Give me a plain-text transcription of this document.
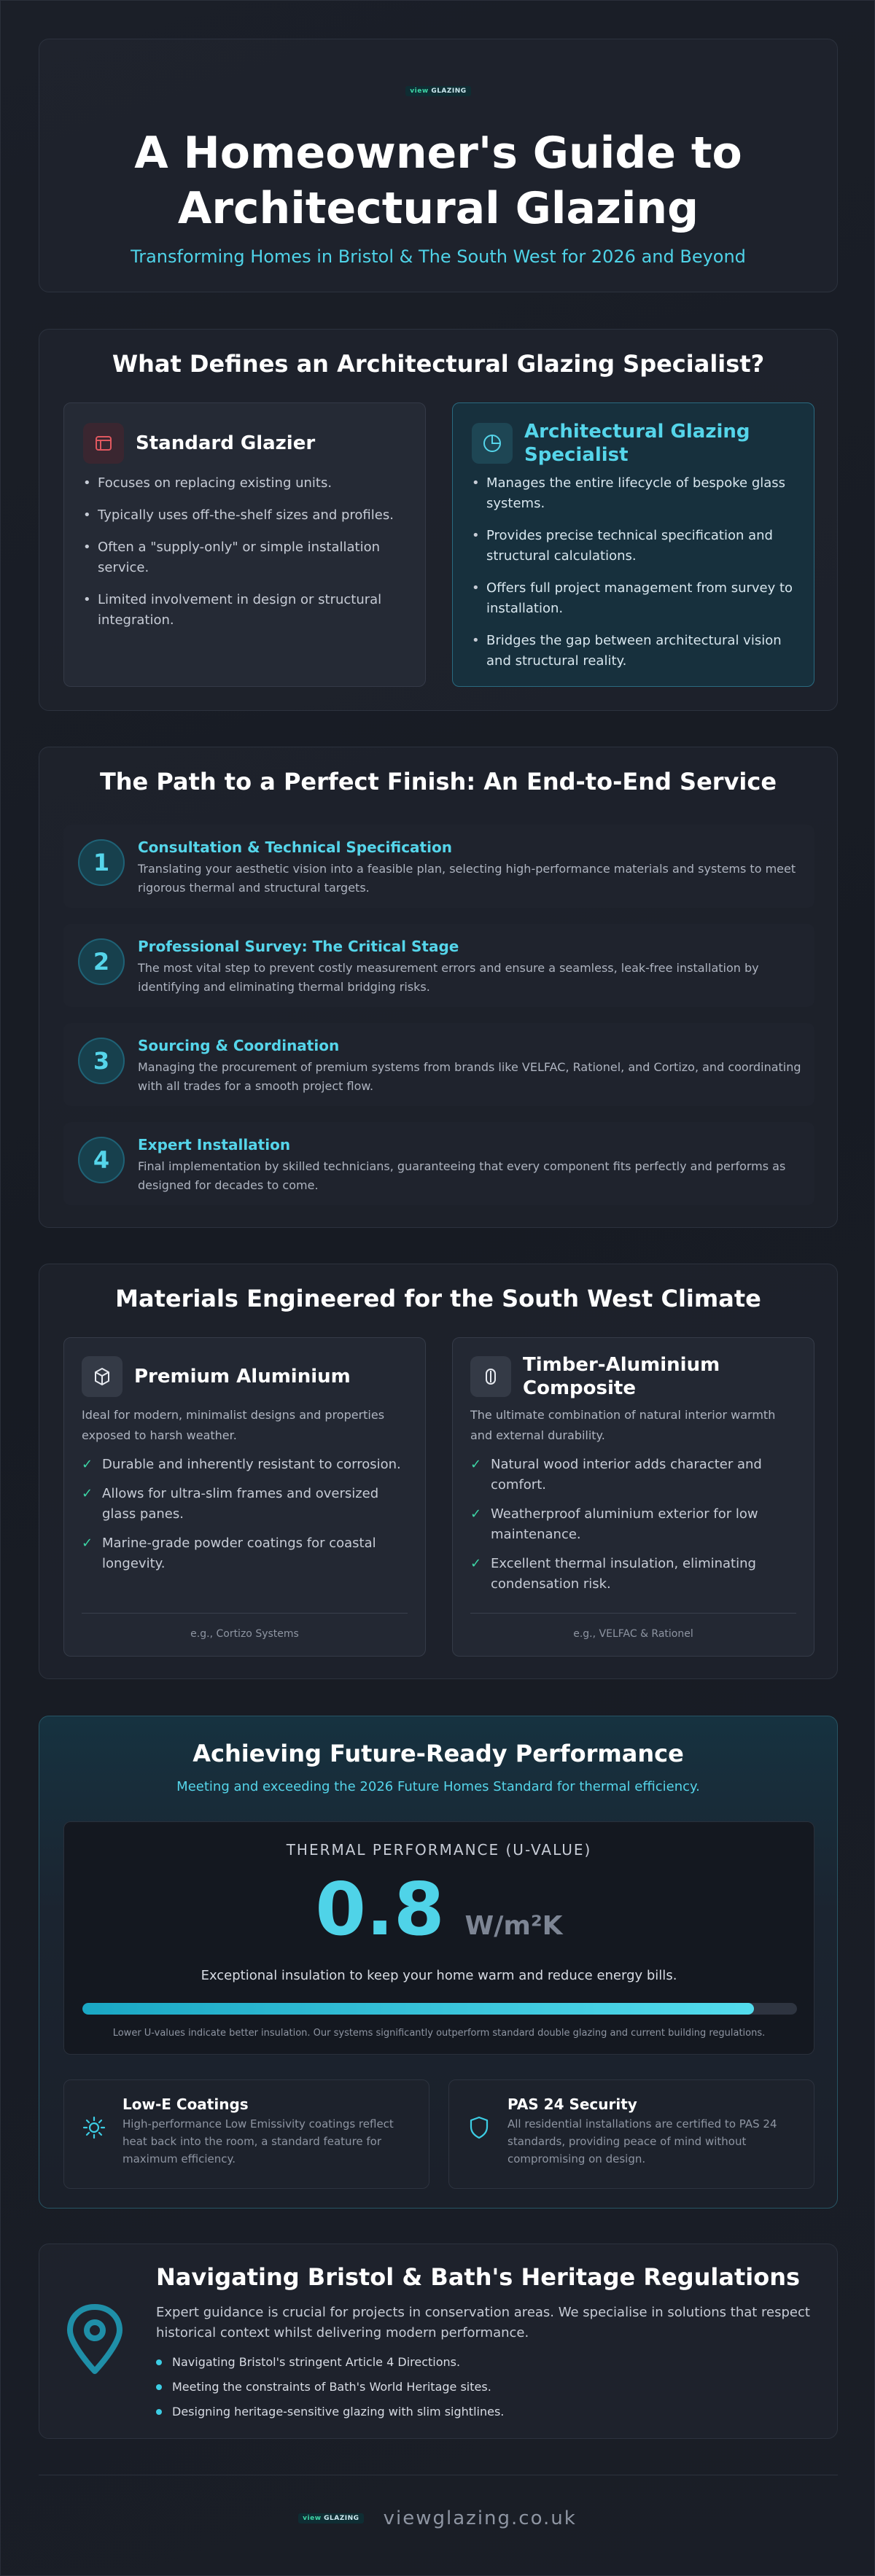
view GLAZING
A Homeowner's Guide to
Architectural Glazing
Transforming Homes in Bristol & The South West for 2026 and Beyond
What Defines an Architectural Glazing Specialist?
Standard Glazier
• Focuses on replacing existing units.
• Typically uses off-the-shelf sizes and profiles.
• Often a "supply-only" or simple installation service.
• Limited involvement in design or structural integration.
Architectural Glazing Specialist
• Manages the entire lifecycle of bespoke glass systems.
• Provides precise technical specification and structural calculations.
• Offers full project management from survey to installation.
• Bridges the gap between architectural vision and structural reality.
The Path to a Perfect Finish: An End-to-End Service
1
Consultation & Technical Specification
Translating your aesthetic vision into a feasible plan, selecting high-performance materials and systems to meet rigorous thermal and structural targets.
2
Professional Survey: The Critical Stage
The most vital step to prevent costly measurement errors and ensure a seamless, leak-free installation by identifying and eliminating thermal bridging risks.
3
Sourcing & Coordination
Managing the procurement of premium systems from brands like VELFAC, Rationel, and Cortizo, and coordinating with all trades for a smooth project flow.
4
Expert Installation
Final implementation by skilled technicians, guaranteeing that every component fits perfectly and performs as designed for decades to come.
Materials Engineered for the South West Climate
Premium Aluminium
Ideal for modern, minimalist designs and properties exposed to harsh weather.
✓ Durable and inherently resistant to corrosion.
✓ Allows for ultra-slim frames and oversized glass panes.
✓ Marine-grade powder coatings for coastal longevity.
e.g., Cortizo Systems
Timber-Aluminium
Composite
The ultimate combination of natural interior warmth and external durability.
✓ Natural wood interior adds character and comfort.
✓ Weatherproof aluminium exterior for low maintenance.
✓ Excellent thermal insulation, eliminating condensation risk.
e.g., VELFAC & Rationel
Achieving Future-Ready Performance
Meeting and exceeding the 2026 Future Homes Standard for thermal efficiency.
THERMAL PERFORMANCE (U-VALUE)
0.8 W/m²K
Exceptional insulation to keep your home warm and reduce energy bills.
Lower U-values indicate better insulation. Our systems significantly outperform standard double glazing and current building regulations.
Low-E Coatings
High-performance Low Emissivity coatings reflect heat back into the room, a standard feature for maximum efficiency.
PAS 24 Security
All residential installations are certified to PAS 24 standards, providing peace of mind without compromising on design.
Navigating Bristol & Bath's Heritage Regulations
Expert guidance is crucial for projects in conservation areas. We specialise in solutions that respect historical context whilst delivering modern performance.
Navigating Bristol's stringent Article 4 Directions.
Meeting the constraints of Bath's World Heritage sites.
Designing heritage-sensitive glazing with slim sightlines.
view GLAZING viewglazing.co.uk
